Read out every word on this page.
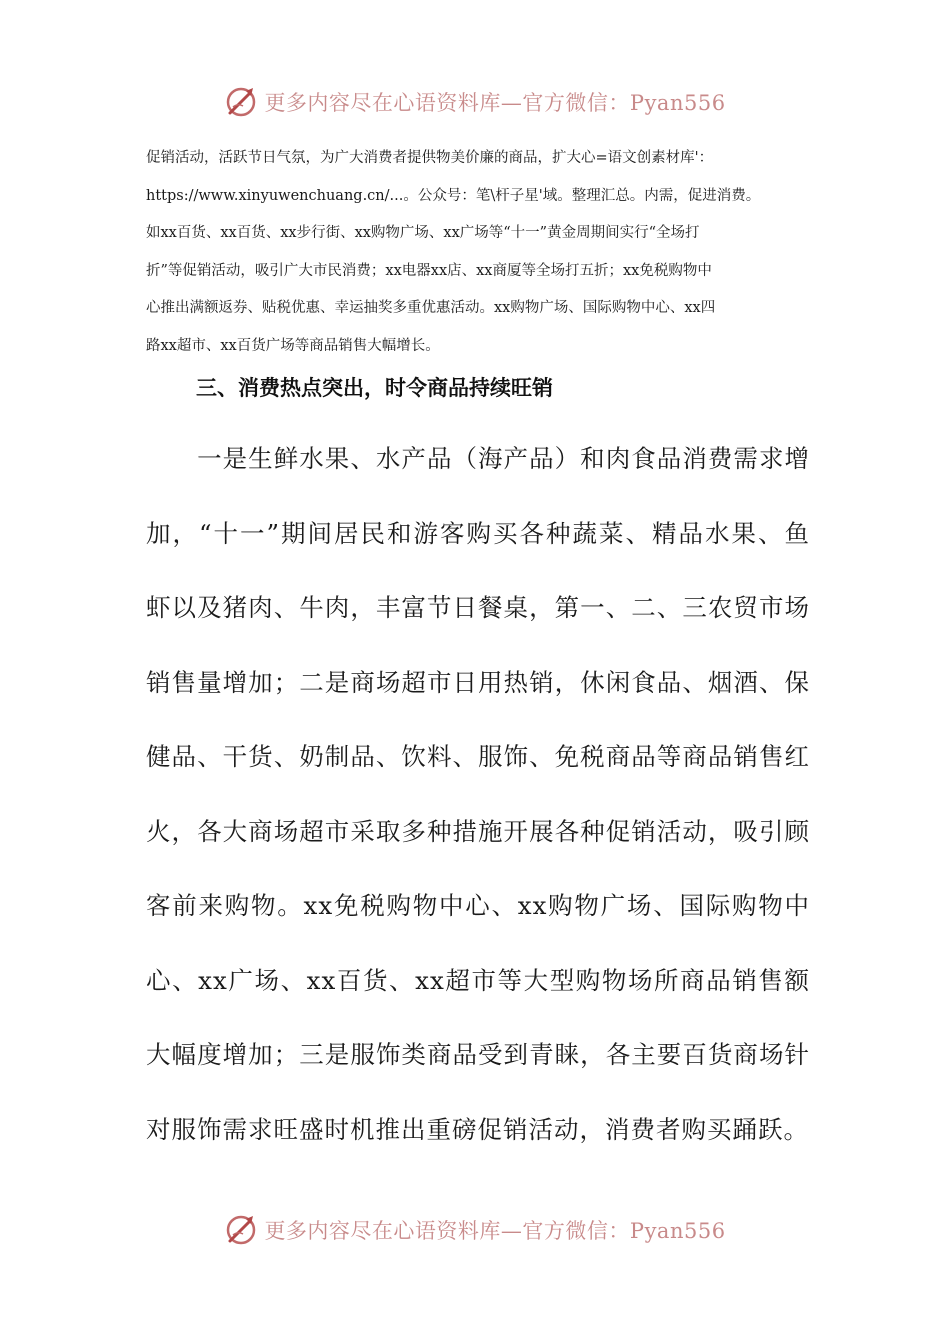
更多内容尽在心语资料库—官方微信：Pyan556

促销活动，活跃节日气氛，为广大消费者提供物美价廉的商品，扩大心=语文创素材库'：

https://www.xinyuwenchuang.cn/...。公众号：笔\杆子星'域。整理汇总。内需，促进消费。

如xx百货、xx百货、xx步行街、xx购物广场、xx广场等“十一”黄金周期间实行“全场打

折”等促销活动，吸引广大市民消费；xx电器xx店、xx商厦等全场打五折；xx免税购物中

心推出满额返券、贴税优惠、幸运抽奖多重优惠活动。xx购物广场、国际购物中心、xx四

路xx超市、xx百货广场等商品销售大幅增长。

三、消费热点突出，时令商品持续旺销
　　一是生鲜水果、水产品（海产品）和肉食品消费需求增
加，“十一”期间居民和游客购买各种蔬菜、精品水果、鱼
虾以及猪肉、牛肉，丰富节日餐桌，第一、二、三农贸市场
销售量增加；二是商场超市日用热销，休闲食品、烟酒、保
健品、干货、奶制品、饮料、服饰、免税商品等商品销售红
火，各大商场超市采取多种措施开展各种促销活动，吸引顾
客前来购物。xx免税购物中心、xx购物广场、国际购物中
心、xx广场、xx百货、xx超市等大型购物场所商品销售额
大幅度增加；三是服饰类商品受到青睐，各主要百货商场针
对服饰需求旺盛时机推出重磅促销活动，消费者购买踊跃。
更多内容尽在心语资料库—官方微信：Pyan556
